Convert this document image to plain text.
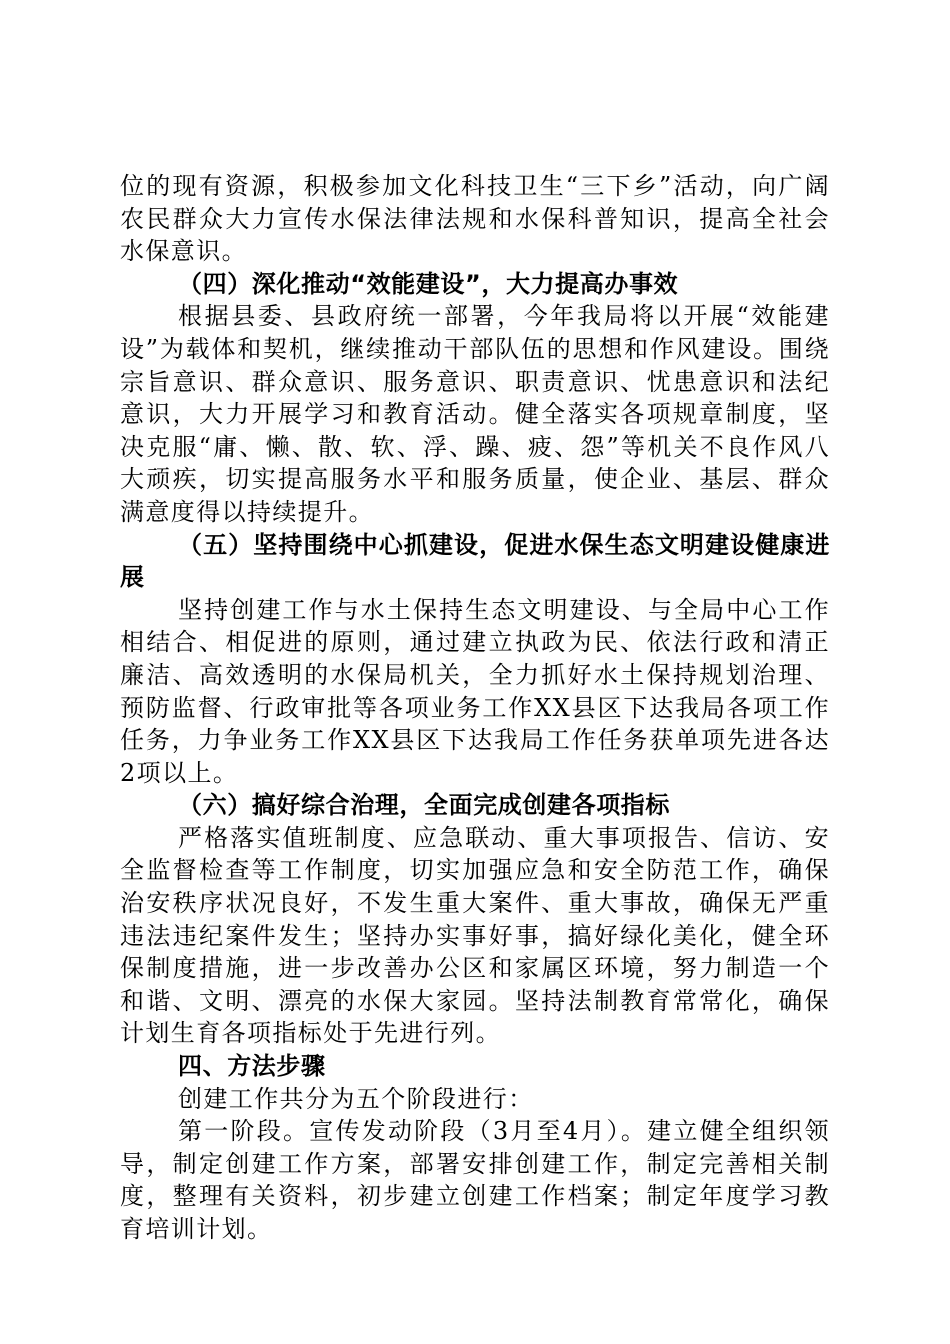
位的现有资源，积极参加文化科技卫生“三下乡”活动，向广阔农民群众大力宣传水保法律法规和水保科普知识，提高全社会水保意识。

（四）深化推动“效能建设”，大力提高办事效

根据县委、县政府统一部署，今年我局将以开展“效能建设”为载体和契机，继续推动干部队伍的思想和作风建设。围绕宗旨意识、群众意识、服务意识、职责意识、忧患意识和法纪意识，大力开展学习和教育活动。健全落实各项规章制度，坚决克服“庸、懒、散、软、浮、躁、疲、怨”等机关不良作风八大顽疾，切实提高服务水平和服务质量，使企业、基层、群众满意度得以持续提升。

（五）坚持围绕中心抓建设，促进水保生态文明建设健康进展

坚持创建工作与水土保持生态文明建设、与全局中心工作相结合、相促进的原则，通过建立执政为民、依法行政和清正廉洁、高效透明的水保局机关，全力抓好水土保持规划治理、预防监督、行政审批等各项业务工作XX县区下达我局各项工作任务，力争业务工作XX县区下达我局工作任务获单项先进各达2项以上。

（六）搞好综合治理，全面完成创建各项指标

严格落实值班制度、应急联动、重大事项报告、信访、安全监督检查等工作制度，切实加强应急和安全防范工作，确保治安秩序状况良好，不发生重大案件、重大事故，确保无严重违法违纪案件发生；坚持办实事好事，搞好绿化美化，健全环保制度措施，进一步改善办公区和家属区环境，努力制造一个和谐、文明、漂亮的水保大家园。坚持法制教育常常化，确保计划生育各项指标处于先进行列。

四、方法步骤

创建工作共分为五个阶段进行：

第一阶段。宣传发动阶段（3月至4月）。建立健全组织领导，制定创建工作方案，部署安排创建工作，制定完善相关制度，整理有关资料，初步建立创建工作档案；制定年度学习教育培训计划。
